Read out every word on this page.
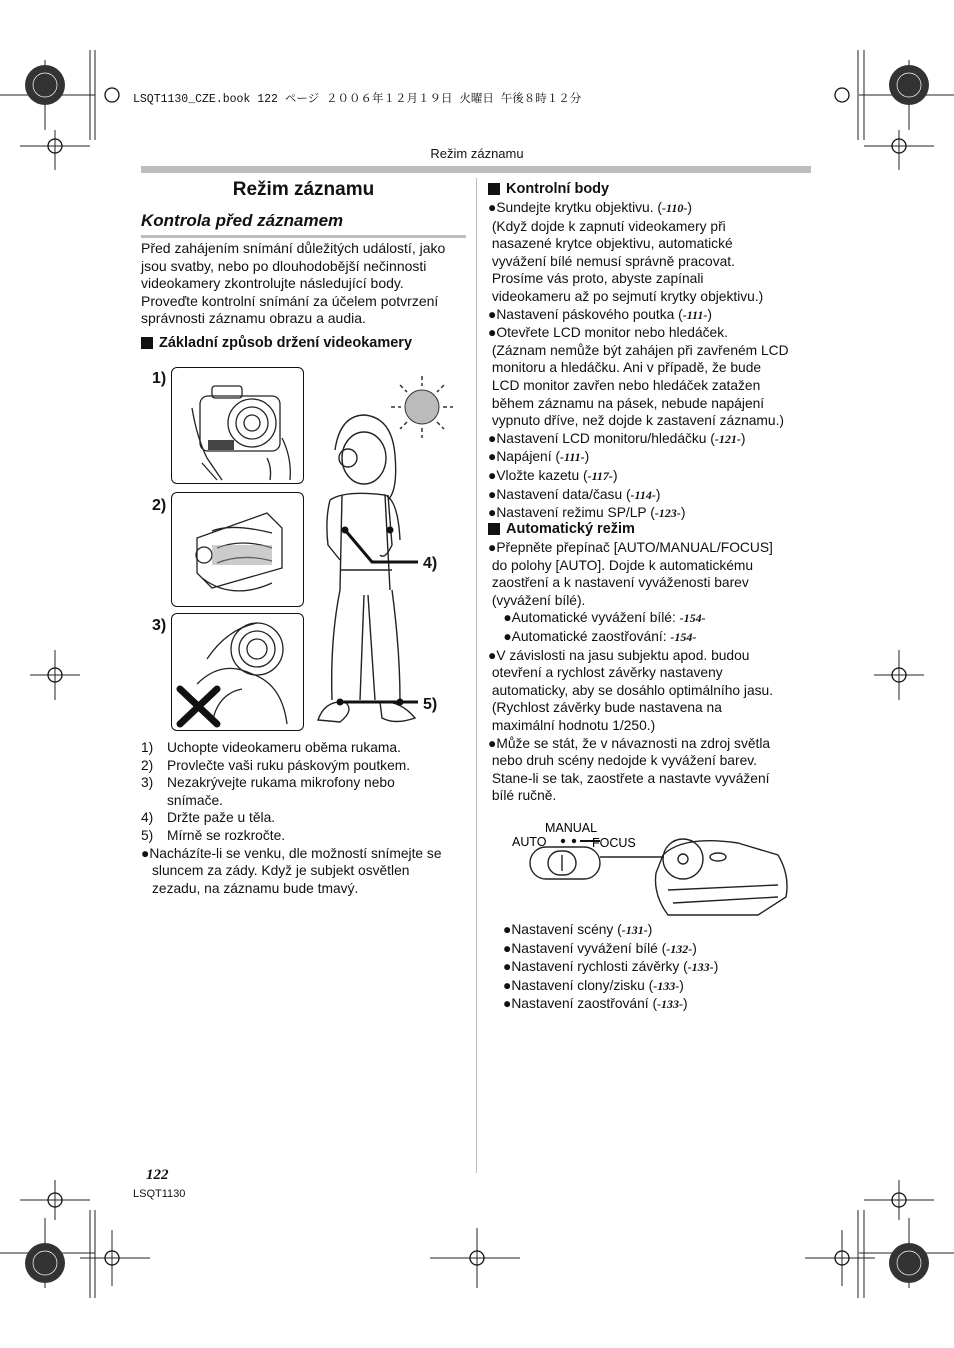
LSQT1130_CZE.book 122 ページ ２００６年１２月１９日 火曜日 午後８時１２分
Režim záznamu
Režim záznamu
Kontrola před záznamem
Před zahájením snímání důležitých událostí, jako
jsou svatby, nebo po dlouhodobější nečinnosti
videokamery zkontrolujte následující body.
Proveďte kontrolní snímání za účelem potvrzení
správnosti záznamu obrazu a audia.
Základní způsob držení videokamery
1)
2)
3)
4)
5)
1) Uchopte videokameru oběma rukama.
2) Provlečte vaši ruku páskovým poutkem.
3) Nezakrývejte rukama mikrofony nebo
snímače.
4) Držte paže u těla.
5) Mírně se rozkročte.
●Nacházíte-li se venku, dle možností snímejte se
sluncem za zády. Když je subjekt osvětlen
zezadu, na záznamu bude tmavý.
Kontrolní body
●Sundejte krytku objektivu. (-110-)
(Když dojde k zapnutí videokamery při
nasazené krytce objektivu, automatické
vyvážení bílé nemusí správně pracovat.
Prosíme vás proto, abyste zapínali
videokameru až po sejmutí krytky objektivu.)
●Nastavení páskového poutka (-111-)
●Otevřete LCD monitor nebo hledáček.
(Záznam nemůže být zahájen při zavřeném LCD
monitoru a hledáčku. Ani v případě, že bude
LCD monitor zavřen nebo hledáček zatažen
během záznamu na pásek, nebude napájení
vypnuto dříve, než dojde k zastavení záznamu.)
●Nastavení LCD monitoru/hledáčku (-121-)
●Napájení (-111-)
●Vložte kazetu (-117-)
●Nastavení data/času (-114-)
●Nastavení režimu SP/LP (-123-)
Automatický režim
●Přepněte přepínač [AUTO/MANUAL/FOCUS]
do polohy [AUTO]. Dojde k automatickému
zaostření a k nastavení vyváženosti barev
(vyvážení bílé).
●Automatické vyvážení bílé: -154-
●Automatické zaostřování: -154-
●V závislosti na jasu subjektu apod. budou
otevření a rychlost závěrky nastaveny
automaticky, aby se dosáhlo optimálního jasu.
(Rychlost závěrky bude nastavena na
maximální hodnotu 1/250.)
●Může se stát, že v návaznosti na zdroj světla
nebo druh scény nedojde k vyvážení barev.
Stane-li se tak, zaostřete a nastavte vyvážení
bílé ručně.
AUTO
MANUAL
FOCUS
●Nastavení scény (-131-)
●Nastavení vyvážení bílé (-132-)
●Nastavení rychlosti závěrky (-133-)
●Nastavení clony/zisku (-133-)
●Nastavení zaostřování (-133-)
122
LSQT1130
